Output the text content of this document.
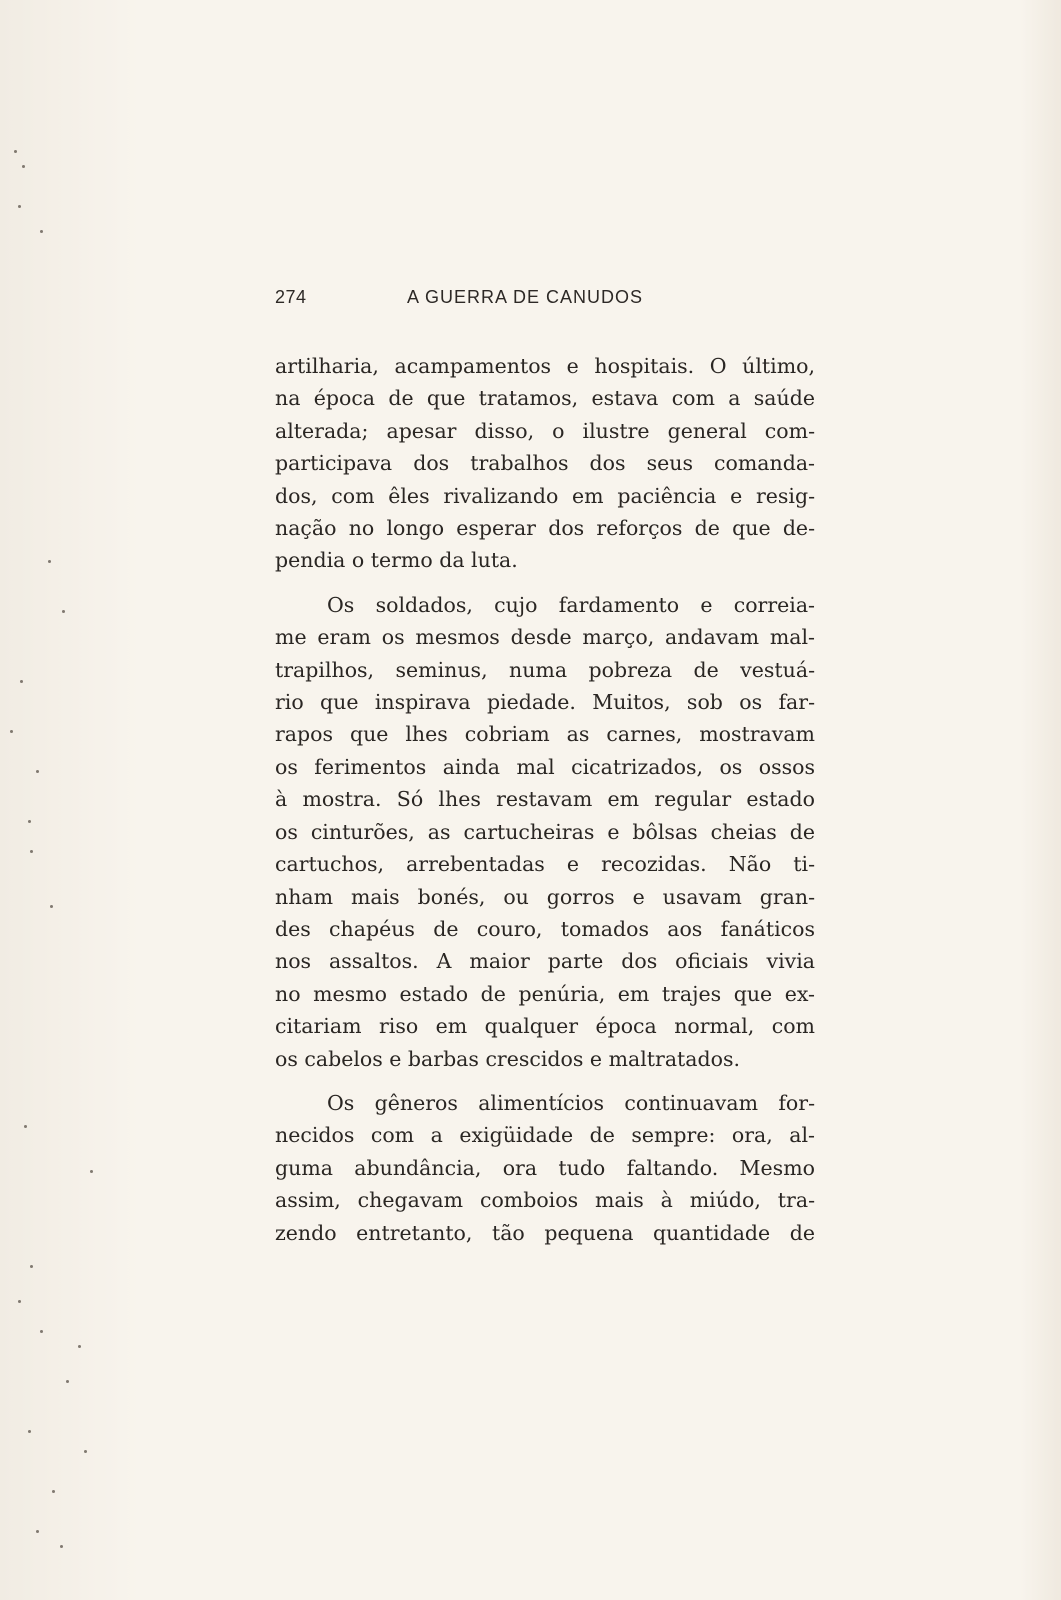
274	A GUERRA DE CANUDOS

artilharia, acampamentos e hospitais. O último,
na época de que tratamos, estava com a saúde
alterada; apesar disso, o ilustre general com-
participava dos trabalhos dos seus comanda-
dos, com êles rivalizando em paciência e resig-
nação no longo esperar dos reforços de que de-
pendia o termo da luta.

Os soldados, cujo fardamento e correia-
me eram os mesmos desde março, andavam mal-
trapilhos, seminus, numa pobreza de vestuá-
rio que inspirava piedade. Muitos, sob os far-
rapos que lhes cobriam as carnes, mostravam
os ferimentos ainda mal cicatrizados, os ossos
à mostra. Só lhes restavam em regular estado
os cinturões, as cartucheiras e bôlsas cheias de
cartuchos, arrebentadas e recozidas. Não ti-
nham mais bonés, ou gorros e usavam gran-
des chapéus de couro, tomados aos fanáticos
nos assaltos. A maior parte dos oficiais vivia
no mesmo estado de penúria, em trajes que ex-
citariam riso em qualquer época normal, com
os cabelos e barbas crescidos e maltratados.

Os gêneros alimentícios continuavam for-
necidos com a exigüidade de sempre: ora, al-
guma abundância, ora tudo faltando. Mesmo
assim, chegavam comboios mais à miúdo, tra-
zendo entretanto, tão pequena quantidade de
